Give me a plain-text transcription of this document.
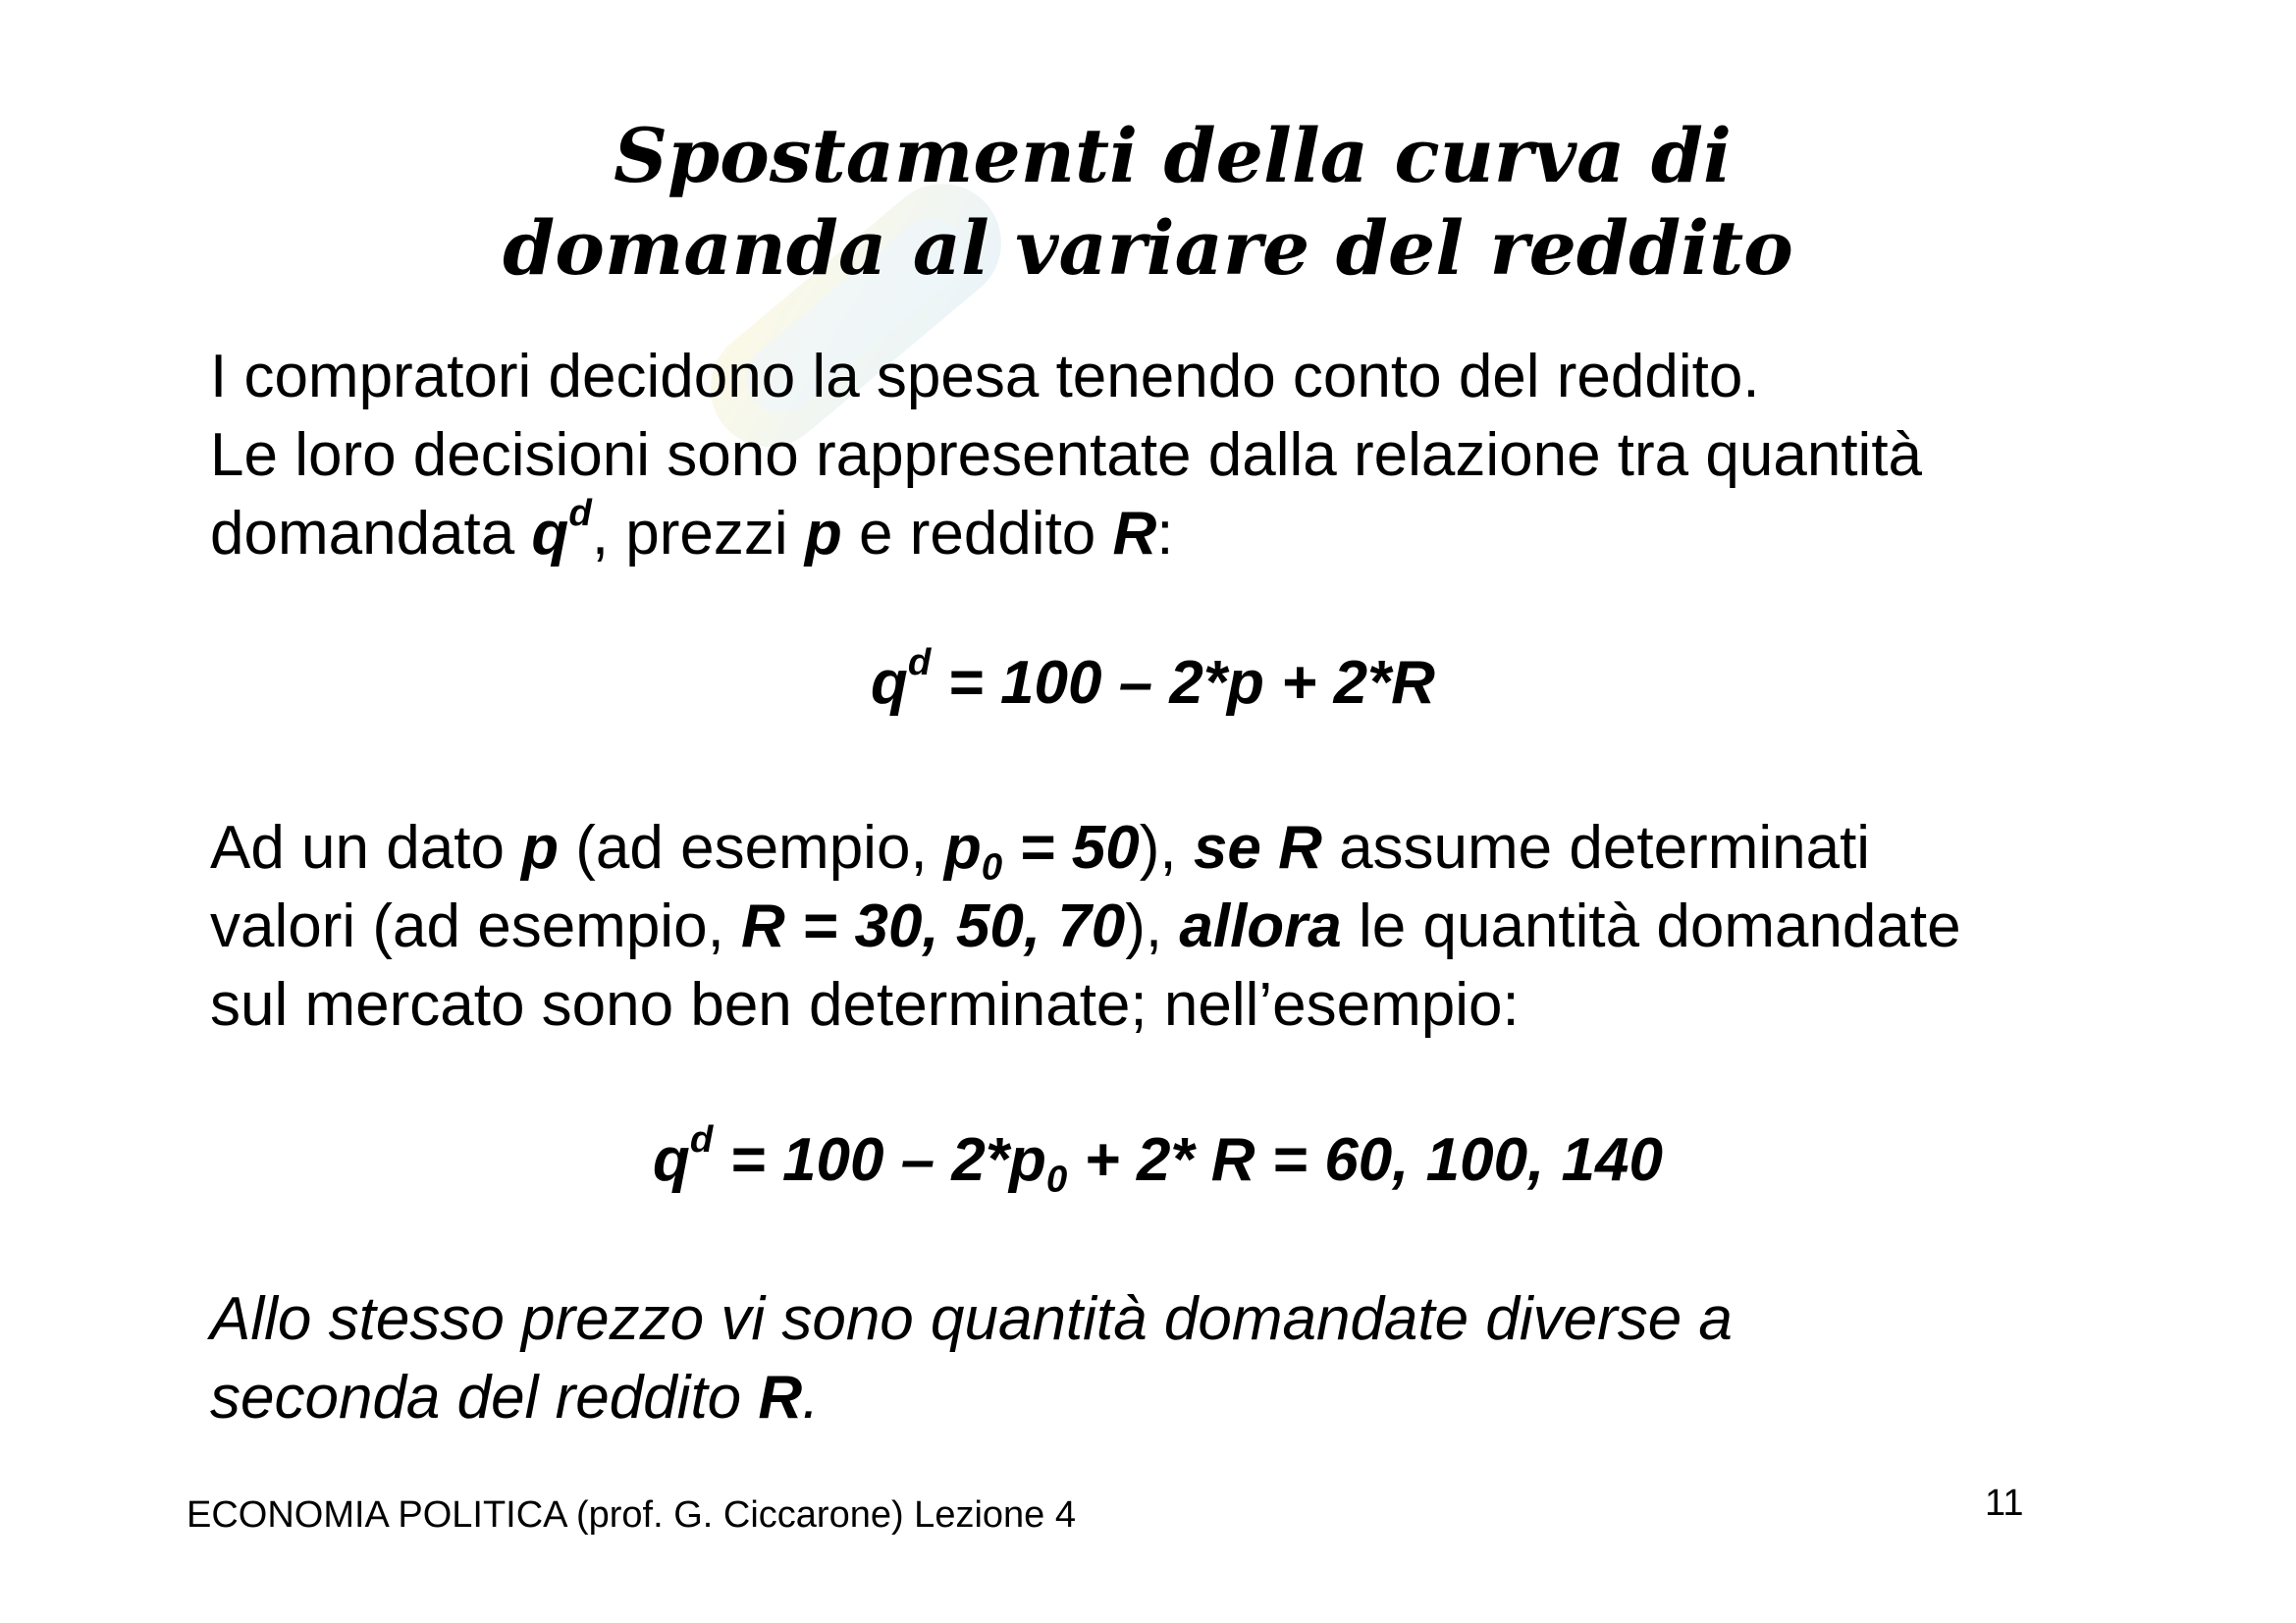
Spostamenti della curva di
domanda al variare del reddito
I compratori decidono la spesa tenendo conto del reddito.
Le loro decisioni sono rappresentate dalla relazione tra quantità
domandata $q^d$, prezzi p e reddito R:
$q^d = 100 - 2*p + 2*R$
Ad un dato p (ad esempio, $p_0 = 50$), se R assume determinati
valori (ad esempio, R = 30, 50, 70), allora le quantità domandate
sul mercato sono ben determinate; nell’esempio:
$q^d = 100 - 2*p_0 + 2*$ R = 60, 100, 140
Allo stesso prezzo vi sono quantità domandate diverse a
seconda del reddito R.
ECONOMIA POLITICA (prof. G. Ciccarone) Lezione 4	11
